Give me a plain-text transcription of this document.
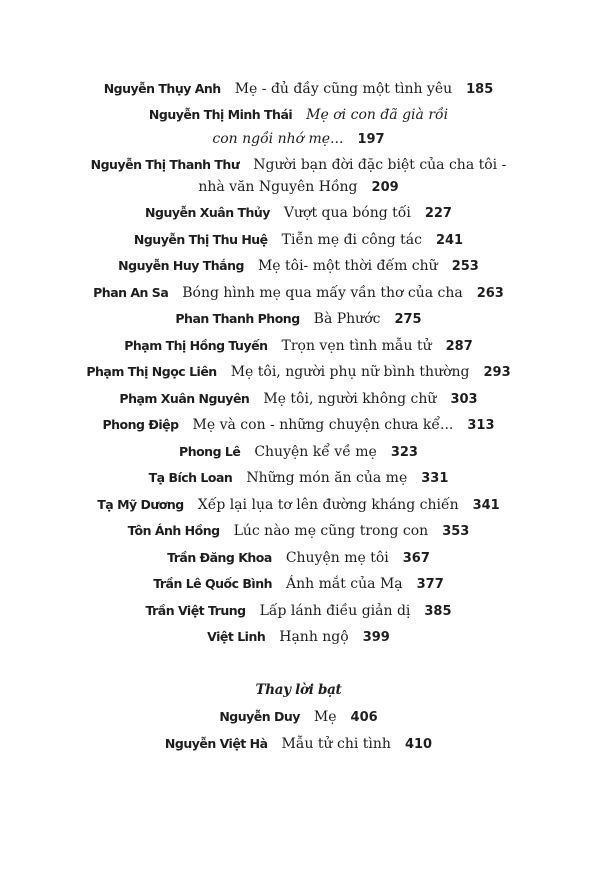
Nguyễn Thụy Anh Mẹ - đủ đầy cũng một tình yêu 185
Nguyễn Thị Minh Thái Mẹ ơi con đã già rồi
con ngồi nhớ mẹ... 197
Nguyễn Thị Thanh Thư Người bạn đời đặc biệt của cha tôi -
nhà văn Nguyên Hồng 209
Nguyễn Xuân Thủy Vượt qua bóng tối 227
Nguyễn Thị Thu Huệ Tiễn mẹ đi công tác 241
Nguyễn Huy Thắng Mẹ tôi- một thời đếm chữ 253
Phan An Sa Bóng hình mẹ qua mấy vần thơ của cha 263
Phan Thanh Phong Bà Phước 275
Phạm Thị Hồng Tuyến Trọn vẹn tình mẫu tử 287
Phạm Thị Ngọc Liên Mẹ tôi, người phụ nữ bình thường 293
Phạm Xuân Nguyên Mẹ tôi, người không chữ 303
Phong Điệp Mẹ và con - những chuyện chưa kể... 313
Phong Lê Chuyện kể về mẹ 323
Tạ Bích Loan Những món ăn của mẹ 331
Tạ Mỹ Dương Xếp lại lụa tơ lên đường kháng chiến 341
Tôn Ánh Hồng Lúc nào mẹ cũng trong con 353
Trần Đăng Khoa Chuyện mẹ tôi 367
Trần Lê Quốc Bình Ánh mắt của Mạ 377
Trần Việt Trung Lấp lánh điều giản dị 385
Việt Linh Hạnh ngộ 399
Thay lời bạt
Nguyễn Duy Mẹ 406
Nguyễn Việt Hà Mẫu tử chi tình 410
